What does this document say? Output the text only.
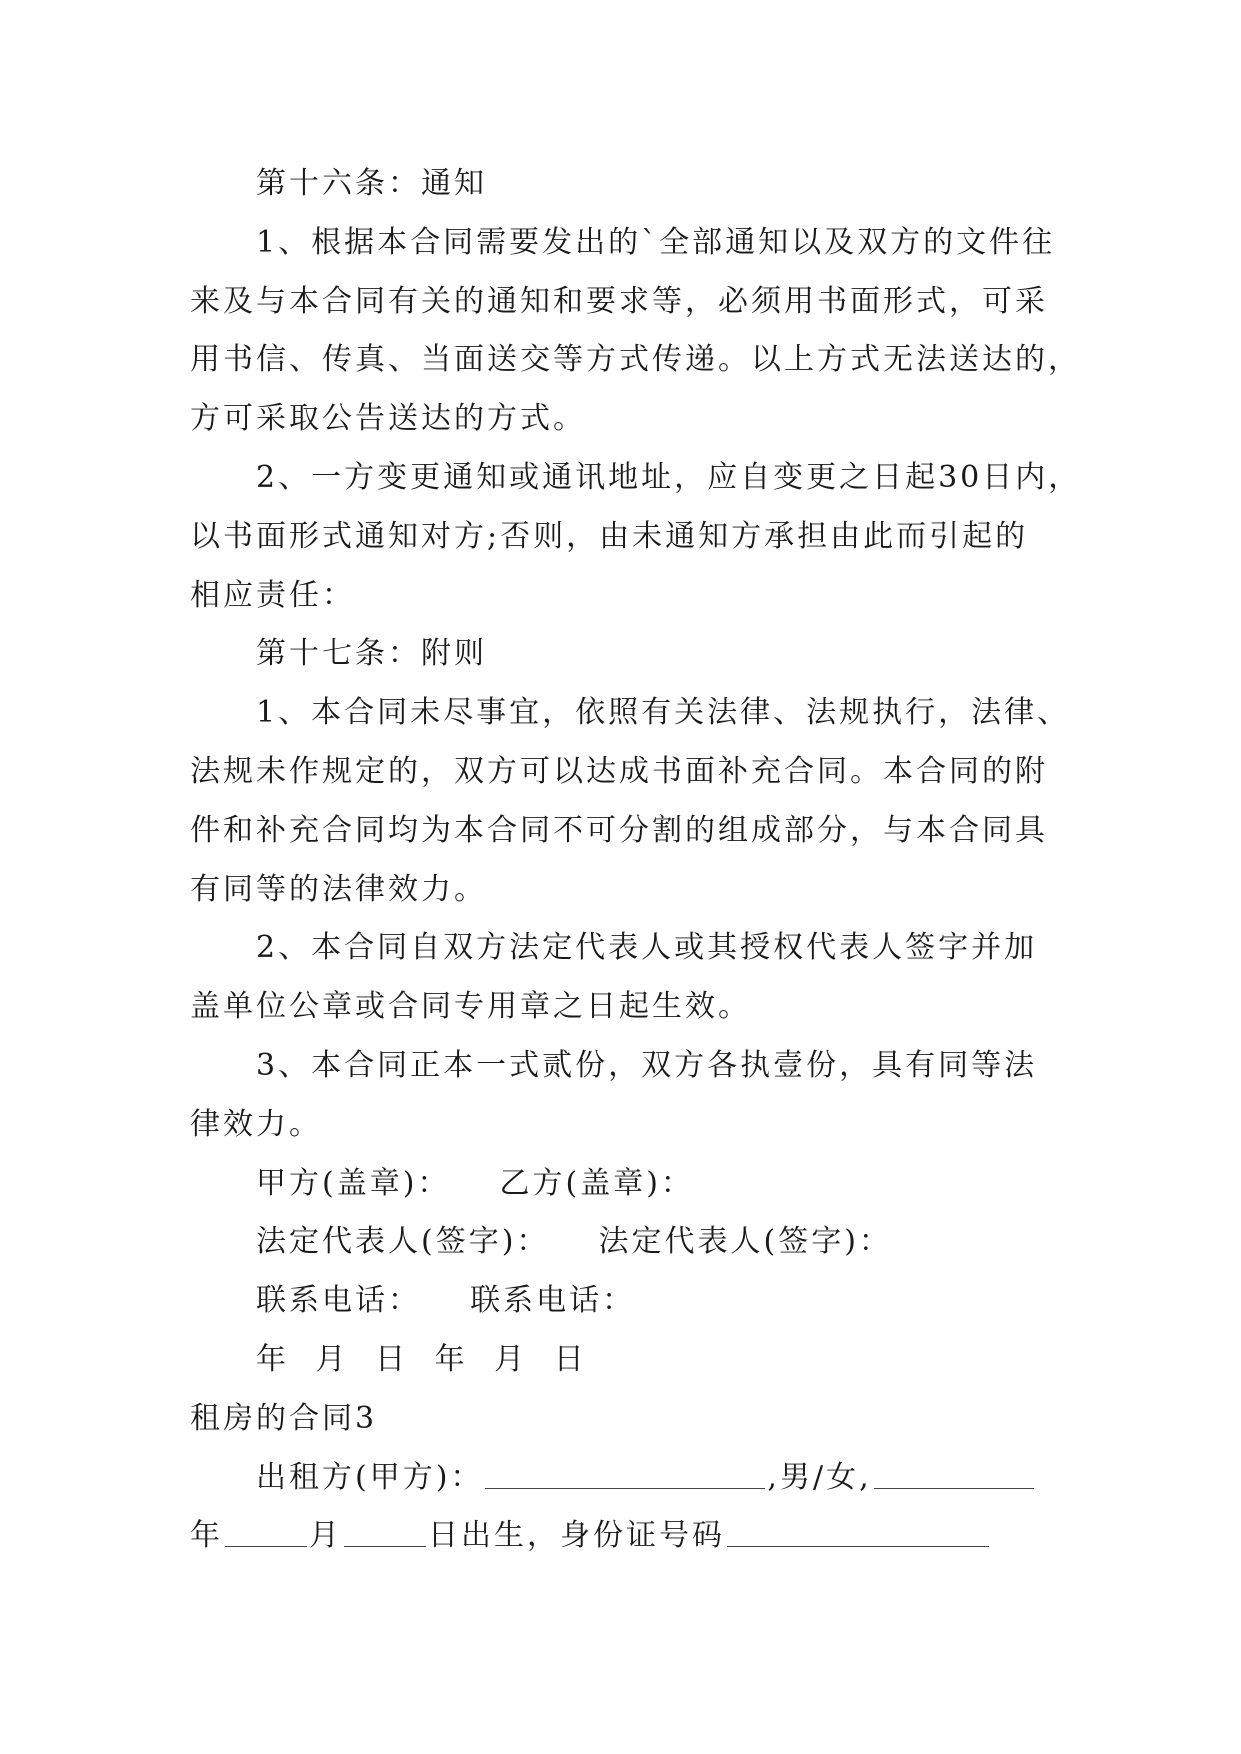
第十六条：通知

1、根据本合同需要发出的`全部通知以及双方的文件往

来及与本合同有关的通知和要求等，必须用书面形式，可采

用书信、传真、当面送交等方式传递。以上方式无法送达的，

方可采取公告送达的方式。

2、一方变更通知或通讯地址，应自变更之日起30日内，

以书面形式通知对方;否则，由未通知方承担由此而引起的

相应责任：

第十七条：附则

1、本合同未尽事宜，依照有关法律、法规执行，法律、

法规未作规定的，双方可以达成书面补充合同。本合同的附

件和补充合同均为本合同不可分割的组成部分，与本合同具

有同等的法律效力。

2、本合同自双方法定代表人或其授权代表人签字并加

盖单位公章或合同专用章之日起生效。

3、本合同正本一式贰份，双方各执壹份，具有同等法

律效力。

甲方(盖章)： 乙方(盖章)：

法定代表人(签字)： 法定代表人(签字)：

联系电话： 联系电话：

年 月 日 年 月 日

租房的合同3

出租方(甲方)：	,男/女,

年	月	日出生，身份证号码
